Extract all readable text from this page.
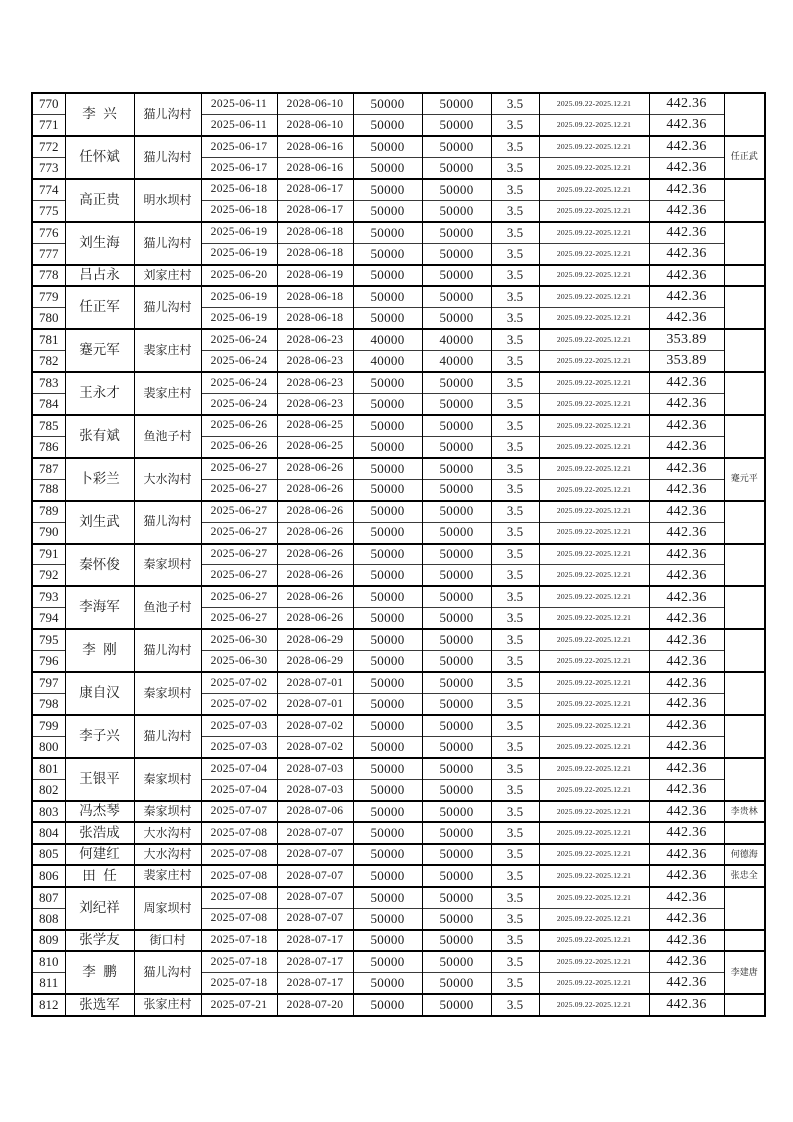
770	李兴	猫儿沟村	2025-06-11	2028-06-10	50000	50000	3.5	2025.09.22-2025.12.21	442.36	
771			2025-06-11	2028-06-10	50000	50000	3.5	2025.09.22-2025.12.21	442.36	
772	任怀斌	猫儿沟村	2025-06-17	2028-06-16	50000	50000	3.5	2025.09.22-2025.12.21	442.36	任正武
773			2025-06-17	2028-06-16	50000	50000	3.5	2025.09.22-2025.12.21	442.36	
774	高正贵	明水坝村	2025-06-18	2028-06-17	50000	50000	3.5	2025.09.22-2025.12.21	442.36	
775			2025-06-18	2028-06-17	50000	50000	3.5	2025.09.22-2025.12.21	442.36	
776	刘生海	猫儿沟村	2025-06-19	2028-06-18	50000	50000	3.5	2025.09.22-2025.12.21	442.36	
777			2025-06-19	2028-06-18	50000	50000	3.5	2025.09.22-2025.12.21	442.36	
778	吕占永	刘家庄村	2025-06-20	2028-06-19	50000	50000	3.5	2025.09.22-2025.12.21	442.36	
779	任正军	猫儿沟村	2025-06-19	2028-06-18	50000	50000	3.5	2025.09.22-2025.12.21	442.36	
780			2025-06-19	2028-06-18	50000	50000	3.5	2025.09.22-2025.12.21	442.36	
781	蹇元军	裴家庄村	2025-06-24	2028-06-23	40000	40000	3.5	2025.09.22-2025.12.21	353.89	
782			2025-06-24	2028-06-23	40000	40000	3.5	2025.09.22-2025.12.21	353.89	
783	王永才	裴家庄村	2025-06-24	2028-06-23	50000	50000	3.5	2025.09.22-2025.12.21	442.36	
784			2025-06-24	2028-06-23	50000	50000	3.5	2025.09.22-2025.12.21	442.36	
785	张有斌	鱼池子村	2025-06-26	2028-06-25	50000	50000	3.5	2025.09.22-2025.12.21	442.36	
786			2025-06-26	2028-06-25	50000	50000	3.5	2025.09.22-2025.12.21	442.36	
787	卜彩兰	大水沟村	2025-06-27	2028-06-26	50000	50000	3.5	2025.09.22-2025.12.21	442.36	蹇元平
788			2025-06-27	2028-06-26	50000	50000	3.5	2025.09.22-2025.12.21	442.36	
789	刘生武	猫儿沟村	2025-06-27	2028-06-26	50000	50000	3.5	2025.09.22-2025.12.21	442.36	
790			2025-06-27	2028-06-26	50000	50000	3.5	2025.09.22-2025.12.21	442.36	
791	秦怀俊	秦家坝村	2025-06-27	2028-06-26	50000	50000	3.5	2025.09.22-2025.12.21	442.36	
792			2025-06-27	2028-06-26	50000	50000	3.5	2025.09.22-2025.12.21	442.36	
793	李海军	鱼池子村	2025-06-27	2028-06-26	50000	50000	3.5	2025.09.22-2025.12.21	442.36	
794			2025-06-27	2028-06-26	50000	50000	3.5	2025.09.22-2025.12.21	442.36	
795	李刚	猫儿沟村	2025-06-30	2028-06-29	50000	50000	3.5	2025.09.22-2025.12.21	442.36	
796			2025-06-30	2028-06-29	50000	50000	3.5	2025.09.22-2025.12.21	442.36	
797	康自汉	秦家坝村	2025-07-02	2028-07-01	50000	50000	3.5	2025.09.22-2025.12.21	442.36	
798			2025-07-02	2028-07-01	50000	50000	3.5	2025.09.22-2025.12.21	442.36	
799	李子兴	猫儿沟村	2025-07-03	2028-07-02	50000	50000	3.5	2025.09.22-2025.12.21	442.36	
800			2025-07-03	2028-07-02	50000	50000	3.5	2025.09.22-2025.12.21	442.36	
801	王银平	秦家坝村	2025-07-04	2028-07-03	50000	50000	3.5	2025.09.22-2025.12.21	442.36	
802			2025-07-04	2028-07-03	50000	50000	3.5	2025.09.22-2025.12.21	442.36	
803	冯杰琴	秦家坝村	2025-07-07	2028-07-06	50000	50000	3.5	2025.09.22-2025.12.21	442.36	李贵林
804	张浩成	大水沟村	2025-07-08	2028-07-07	50000	50000	3.5	2025.09.22-2025.12.21	442.36	
805	何建红	大水沟村	2025-07-08	2028-07-07	50000	50000	3.5	2025.09.22-2025.12.21	442.36	何德海
806	田任	裴家庄村	2025-07-08	2028-07-07	50000	50000	3.5	2025.09.22-2025.12.21	442.36	张忠全
807	刘纪祥	周家坝村	2025-07-08	2028-07-07	50000	50000	3.5	2025.09.22-2025.12.21	442.36	
808			2025-07-08	2028-07-07	50000	50000	3.5	2025.09.22-2025.12.21	442.36	
809	张学友	街口村	2025-07-18	2028-07-17	50000	50000	3.5	2025.09.22-2025.12.21	442.36	
810	李鹏	猫儿沟村	2025-07-18	2028-07-17	50000	50000	3.5	2025.09.22-2025.12.21	442.36	李建唐
811			2025-07-18	2028-07-17	50000	50000	3.5	2025.09.22-2025.12.21	442.36	
812	张选军	张家庄村	2025-07-21	2028-07-20	50000	50000	3.5	2025.09.22-2025.12.21	442.36	
